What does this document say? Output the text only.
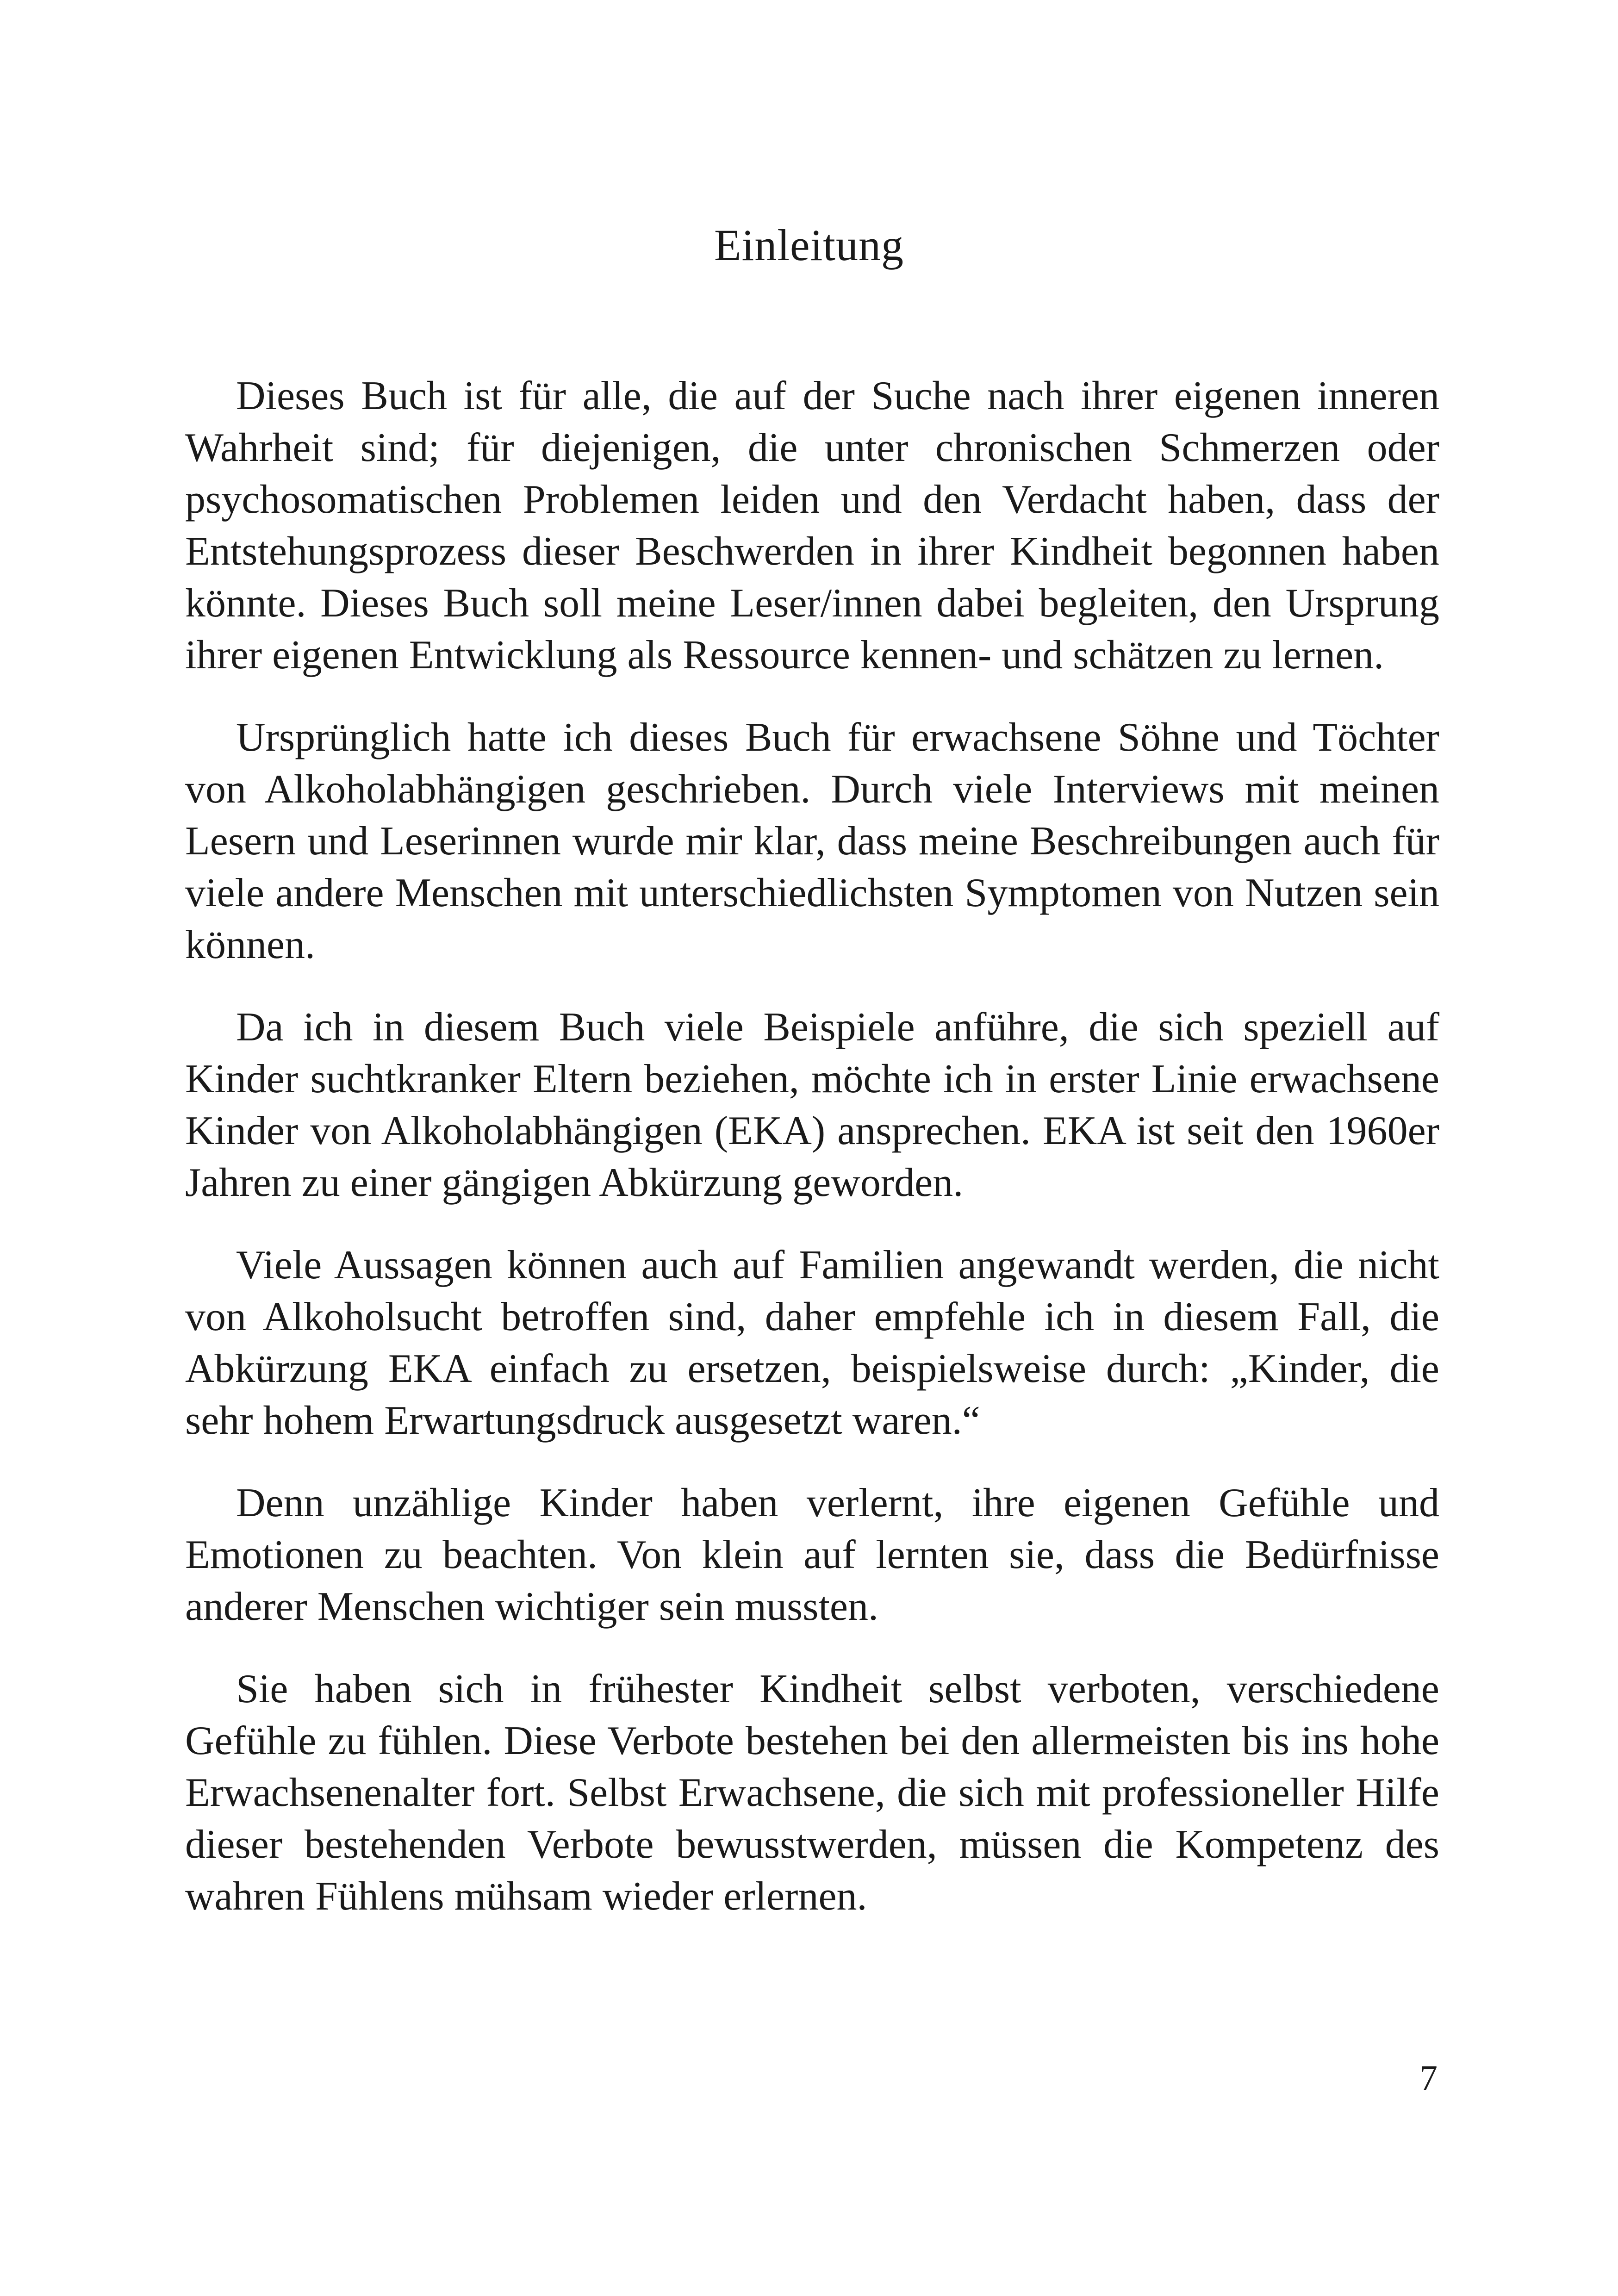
Einleitung

Dieses Buch ist für alle, die auf der Suche nach ihrer eigenen inneren Wahrheit sind; für diejenigen, die unter chronischen Schmerzen oder psychosomatischen Problemen leiden und den Verdacht haben, dass der Entstehungsprozess dieser Beschwerden in ihrer Kindheit begonnen haben könnte. Dieses Buch soll meine Leser/innen dabei begleiten, den Ursprung ihrer eigenen Entwicklung als Ressource kennen- und schätzen zu lernen.

Ursprünglich hatte ich dieses Buch für erwachsene Söhne und Töchter von Alkoholabhängigen geschrieben. Durch viele Interviews mit meinen Lesern und Leserinnen wurde mir klar, dass meine Beschreibungen auch für viele andere Menschen mit unterschiedlichsten Symptomen von Nutzen sein können.

Da ich in diesem Buch viele Beispiele anführe, die sich speziell auf Kinder suchtkranker Eltern beziehen, möchte ich in erster Linie erwachsene Kinder von Alkoholabhängigen (EKA) ansprechen. EKA ist seit den 1960er Jahren zu einer gängigen Abkürzung geworden.

Viele Aussagen können auch auf Familien angewandt werden, die nicht von Alkoholsucht betroffen sind, daher empfehle ich in diesem Fall, die Abkürzung EKA einfach zu ersetzen, beispielsweise durch: „Kinder, die sehr hohem Erwartungsdruck ausgesetzt waren.“

Denn unzählige Kinder haben verlernt, ihre eigenen Gefühle und Emotionen zu beachten. Von klein auf lernten sie, dass die Bedürfnisse anderer Menschen wichtiger sein mussten.

Sie haben sich in frühester Kindheit selbst verboten, verschiedene Gefühle zu fühlen. Diese Verbote bestehen bei den allermeisten bis ins hohe Erwachsenenalter fort. Selbst Erwachsene, die sich mit professioneller Hilfe dieser bestehenden Verbote bewusstwerden, müssen die Kompetenz des wahren Fühlens mühsam wieder erlernen.

7
